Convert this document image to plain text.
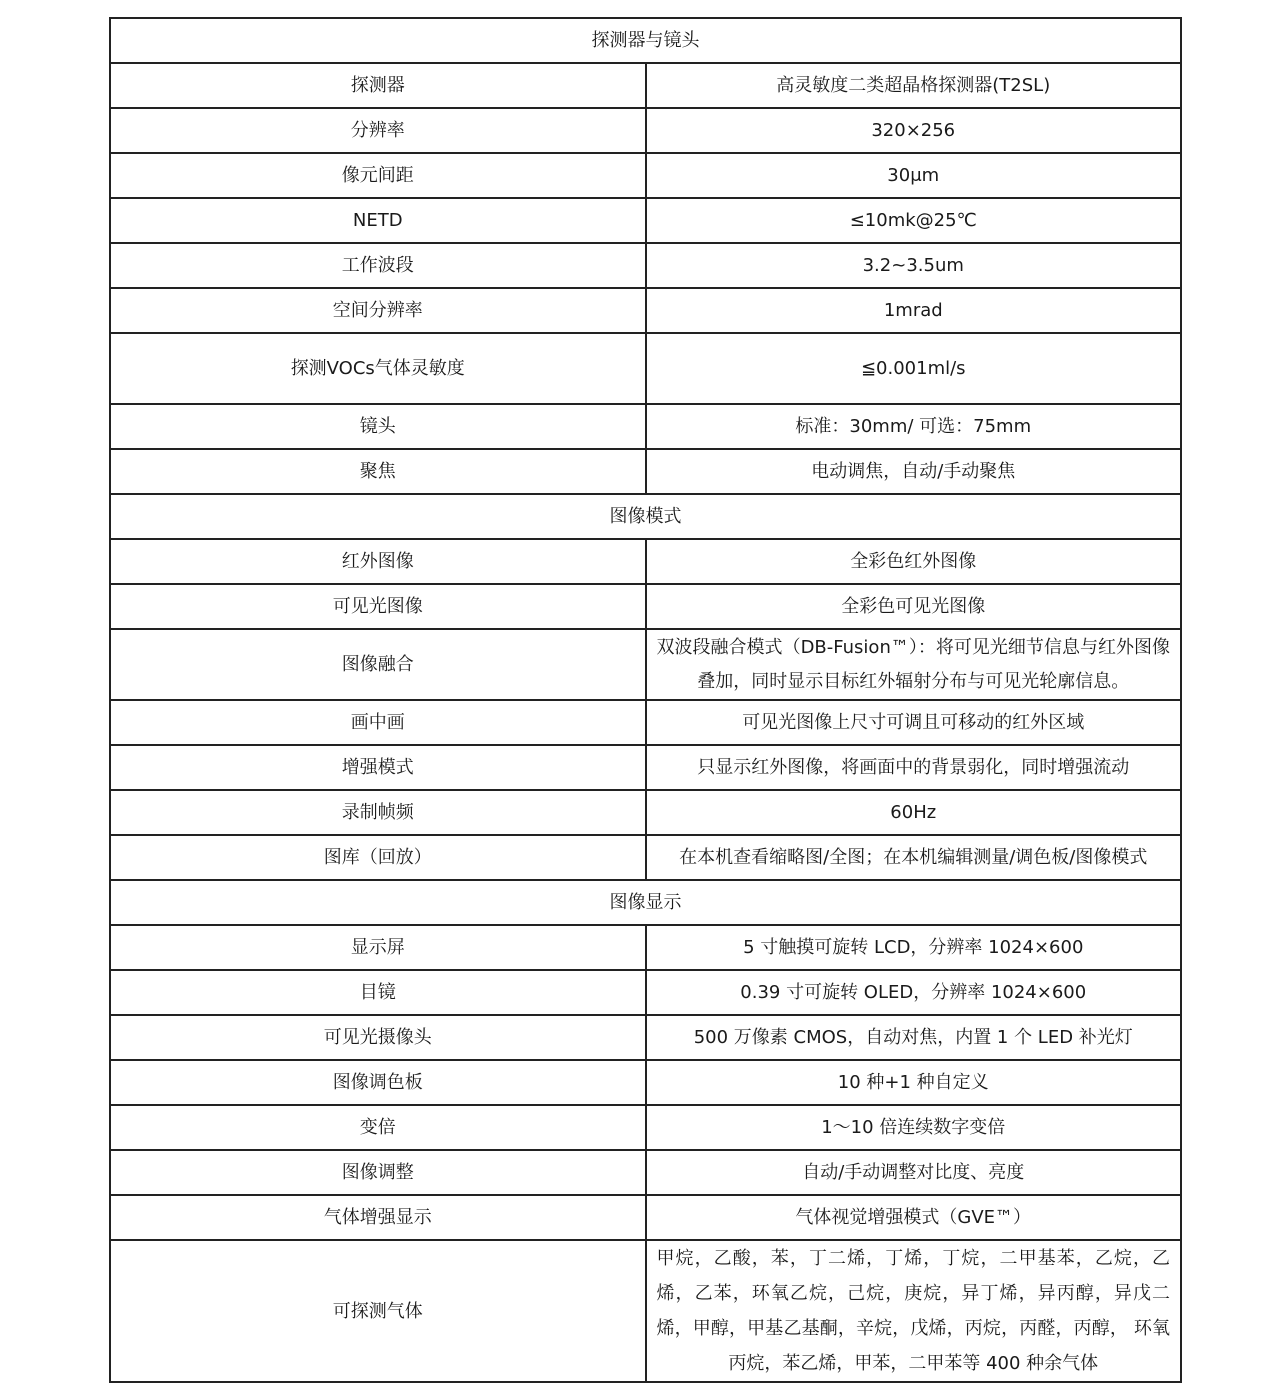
探测器与镜头	
探测器	高灵敏度二类超晶格探测器(T2SL)
分辨率	320×256
像元间距	30μm
NETD	≤10mk@25℃
工作波段	3.2~3.5um
空间分辨率	1mrad
探测VOCs气体灵敏度	≦0.001ml/s
镜头	标准：30mm/ 可选：75mm
聚焦	电动调焦，自动/手动聚焦
图像模式	
红外图像	全彩色红外图像
可见光图像	全彩色可见光图像
图像融合	双波段融合模式（DB-Fusion™）：将可见光细节信息与红外图像叠加，同时显示目标红外辐射分布与可见光轮廓信息。
画中画	可见光图像上尺寸可调且可移动的红外区域
增强模式	只显示红外图像，将画面中的背景弱化，同时增强流动
录制帧频	60Hz
图库（回放）	在本机查看缩略图/全图；在本机编辑测量/调色板/图像模式
图像显示	
显示屏	5 寸触摸可旋转 LCD，分辨率 1024×600
目镜	0.39 寸可旋转 OLED，分辨率 1024×600
可见光摄像头	500 万像素 CMOS，自动对焦，内置 1 个 LED 补光灯
图像调色板	10 种+1 种自定义
变倍	1～10 倍连续数字变倍
图像调整	自动/手动调整对比度、亮度
气体增强显示	气体视觉增强模式（GVE™）
可探测气体	甲烷，乙酸，苯，丁二烯，丁烯，丁烷，二甲基苯，乙烷，乙烯，乙苯，环氧乙烷，己烷，庚烷，异丁烯，异丙醇，异戊二烯，甲醇，甲基乙基酮，辛烷，戊烯，丙烷，丙醛，丙醇， 环氧丙烷，苯乙烯，甲苯，二甲苯等 400 种余气体
